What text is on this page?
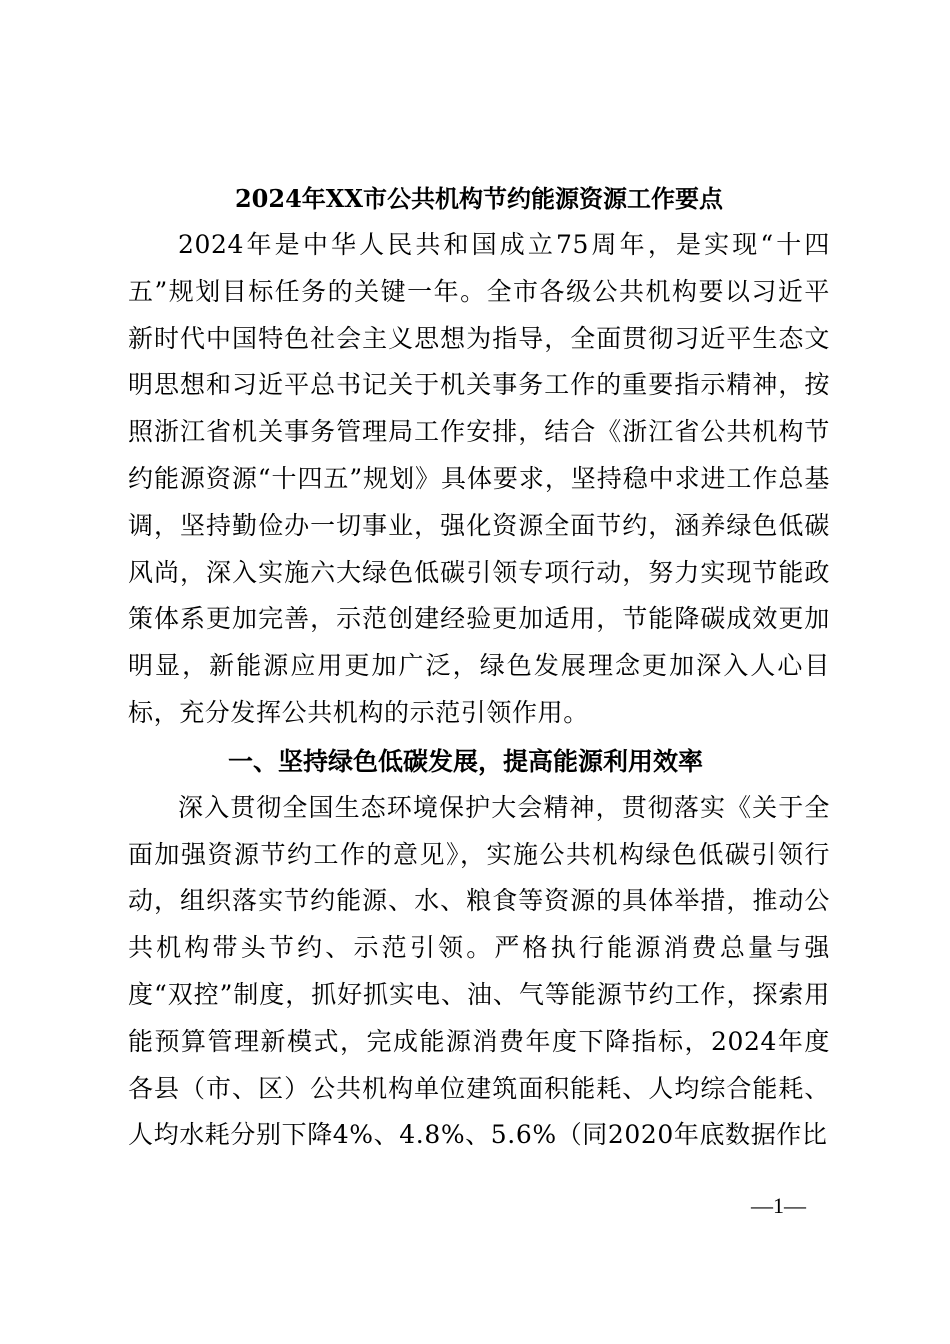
2024年XX市公共机构节约能源资源工作要点

2024年是中华人民共和国成立75周年，是实现“十四五”规划目标任务的关键一年。全市各级公共机构要以习近平新时代中国特色社会主义思想为指导，全面贯彻习近平生态文明思想和习近平总书记关于机关事务工作的重要指示精神，按照浙江省机关事务管理局工作安排，结合《浙江省公共机构节约能源资源“十四五”规划》具体要求，坚持稳中求进工作总基调，坚持勤俭办一切事业，强化资源全面节约，涵养绿色低碳风尚，深入实施六大绿色低碳引领专项行动，努力实现节能政策体系更加完善，示范创建经验更加适用，节能降碳成效更加明显，新能源应用更加广泛，绿色发展理念更加深入人心目标，充分发挥公共机构的示范引领作用。

一、坚持绿色低碳发展，提高能源利用效率

深入贯彻全国生态环境保护大会精神，贯彻落实《关于全面加强资源节约工作的意见》，实施公共机构绿色低碳引领行动，组织落实节约能源、水、粮食等资源的具体举措，推动公共机构带头节约、示范引领。严格执行能源消费总量与强度“双控”制度，抓好抓实电、油、气等能源节约工作，探索用能预算管理新模式，完成能源消费年度下降指标，2024年度各县（市、区）公共机构单位建筑面积能耗、人均综合能耗、人均水耗分别下降4%、4.8%、5.6%（同2020年底数据作比

—1—
